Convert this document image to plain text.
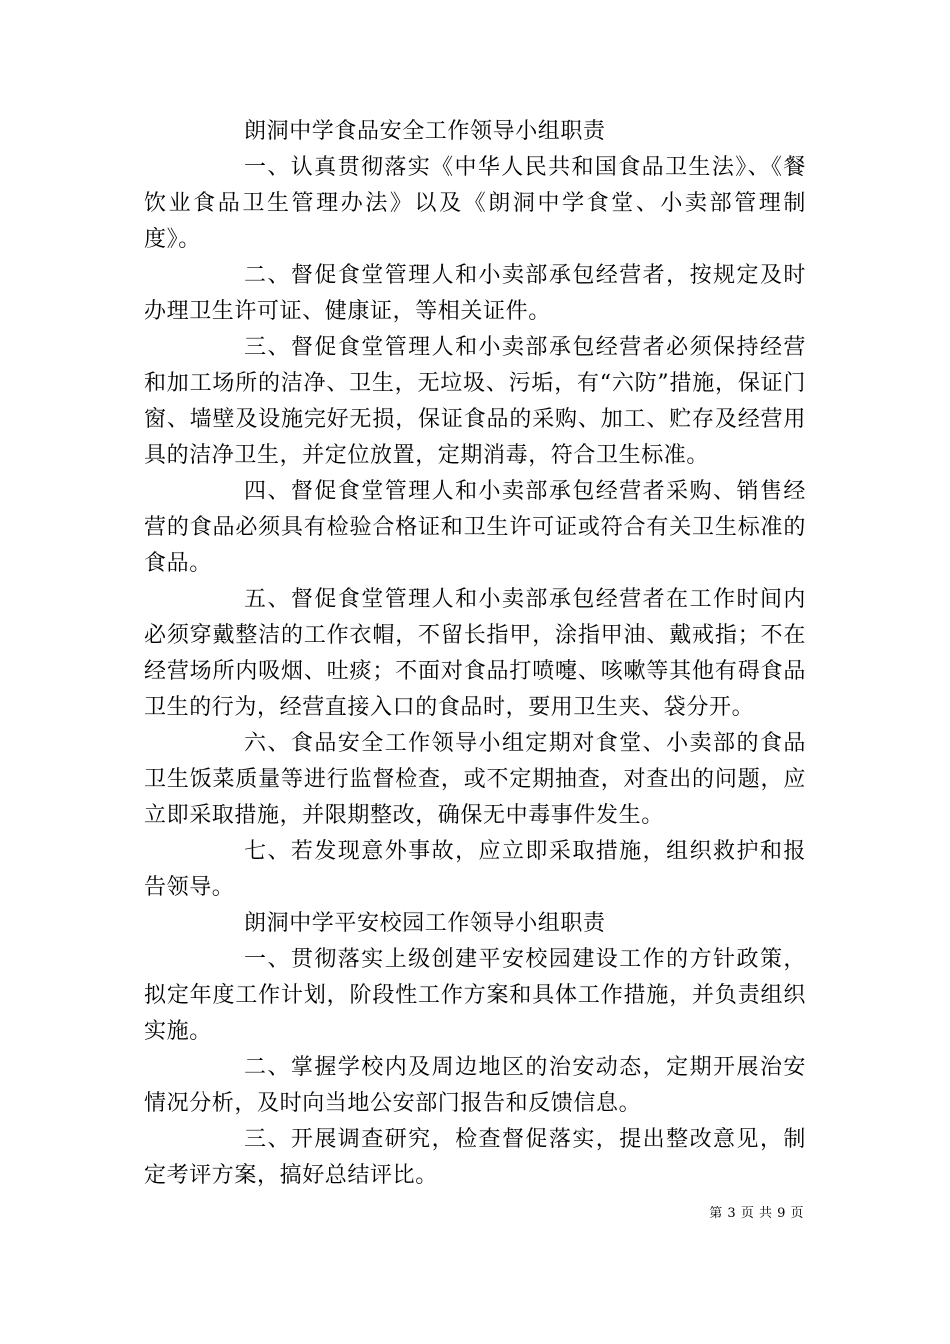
朗洞中学食品安全工作领导小组职责

一、认真贯彻落实《中华人民共和国食品卫生法》、《餐饮业食品卫生管理办法》以及《朗洞中学食堂、小卖部管理制度》。

二、督促食堂管理人和小卖部承包经营者，按规定及时办理卫生许可证、健康证，等相关证件。

三、督促食堂管理人和小卖部承包经营者必须保持经营和加工场所的洁净、卫生，无垃圾、污垢，有“六防”措施，保证门窗、墙壁及设施完好无损，保证食品的采购、加工、贮存及经营用具的洁净卫生，并定位放置，定期消毒，符合卫生标准。

四、督促食堂管理人和小卖部承包经营者采购、销售经营的食品必须具有检验合格证和卫生许可证或符合有关卫生标准的食品。

五、督促食堂管理人和小卖部承包经营者在工作时间内必须穿戴整洁的工作衣帽，不留长指甲，涂指甲油、戴戒指；不在经营场所内吸烟、吐痰；不面对食品打喷嚏、咳嗽等其他有碍食品卫生的行为，经营直接入口的食品时，要用卫生夹、袋分开。

六、食品安全工作领导小组定期对食堂、小卖部的食品卫生饭菜质量等进行监督检查，或不定期抽查，对查出的问题，应立即采取措施，并限期整改，确保无中毒事件发生。

七、若发现意外事故，应立即采取措施，组织救护和报告领导。

朗洞中学平安校园工作领导小组职责

一、贯彻落实上级创建平安校园建设工作的方针政策，拟定年度工作计划，阶段性工作方案和具体工作措施，并负责组织实施。

二、掌握学校内及周边地区的治安动态，定期开展治安情况分析，及时向当地公安部门报告和反馈信息。

三、开展调查研究，检查督促落实，提出整改意见，制定考评方案，搞好总结评比。

第 3 页 共 9 页
